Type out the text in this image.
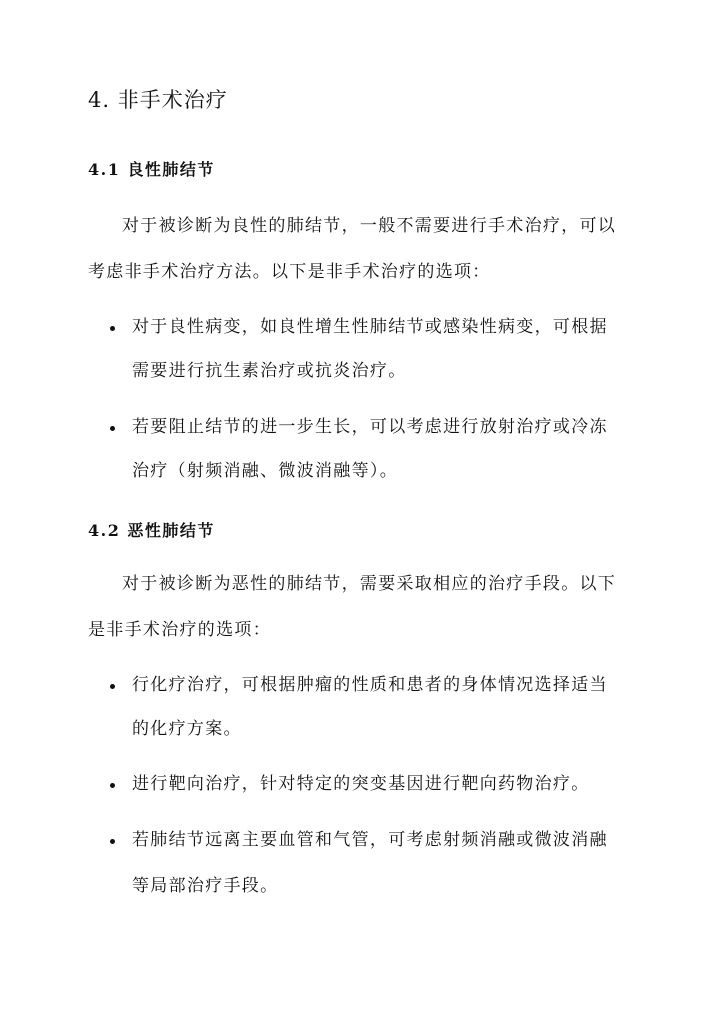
4. 非手术治疗
4.1 良性肺结节
对于被诊断为良性的肺结节，一般不需要进行手术治疗，可以
考虑非手术治疗方法。以下是非手术治疗的选项：
对于良性病变，如良性增生性肺结节或感染性病变，可根据
需要进行抗生素治疗或抗炎治疗。
若要阻止结节的进一步生长，可以考虑进行放射治疗或冷冻
治疗（射频消融、微波消融等）。
4.2 恶性肺结节
对于被诊断为恶性的肺结节，需要采取相应的治疗手段。以下
是非手术治疗的选项：
行化疗治疗，可根据肿瘤的性质和患者的身体情况选择适当
的化疗方案。
进行靶向治疗，针对特定的突变基因进行靶向药物治疗。
若肺结节远离主要血管和气管，可考虑射频消融或微波消融
等局部治疗手段。
